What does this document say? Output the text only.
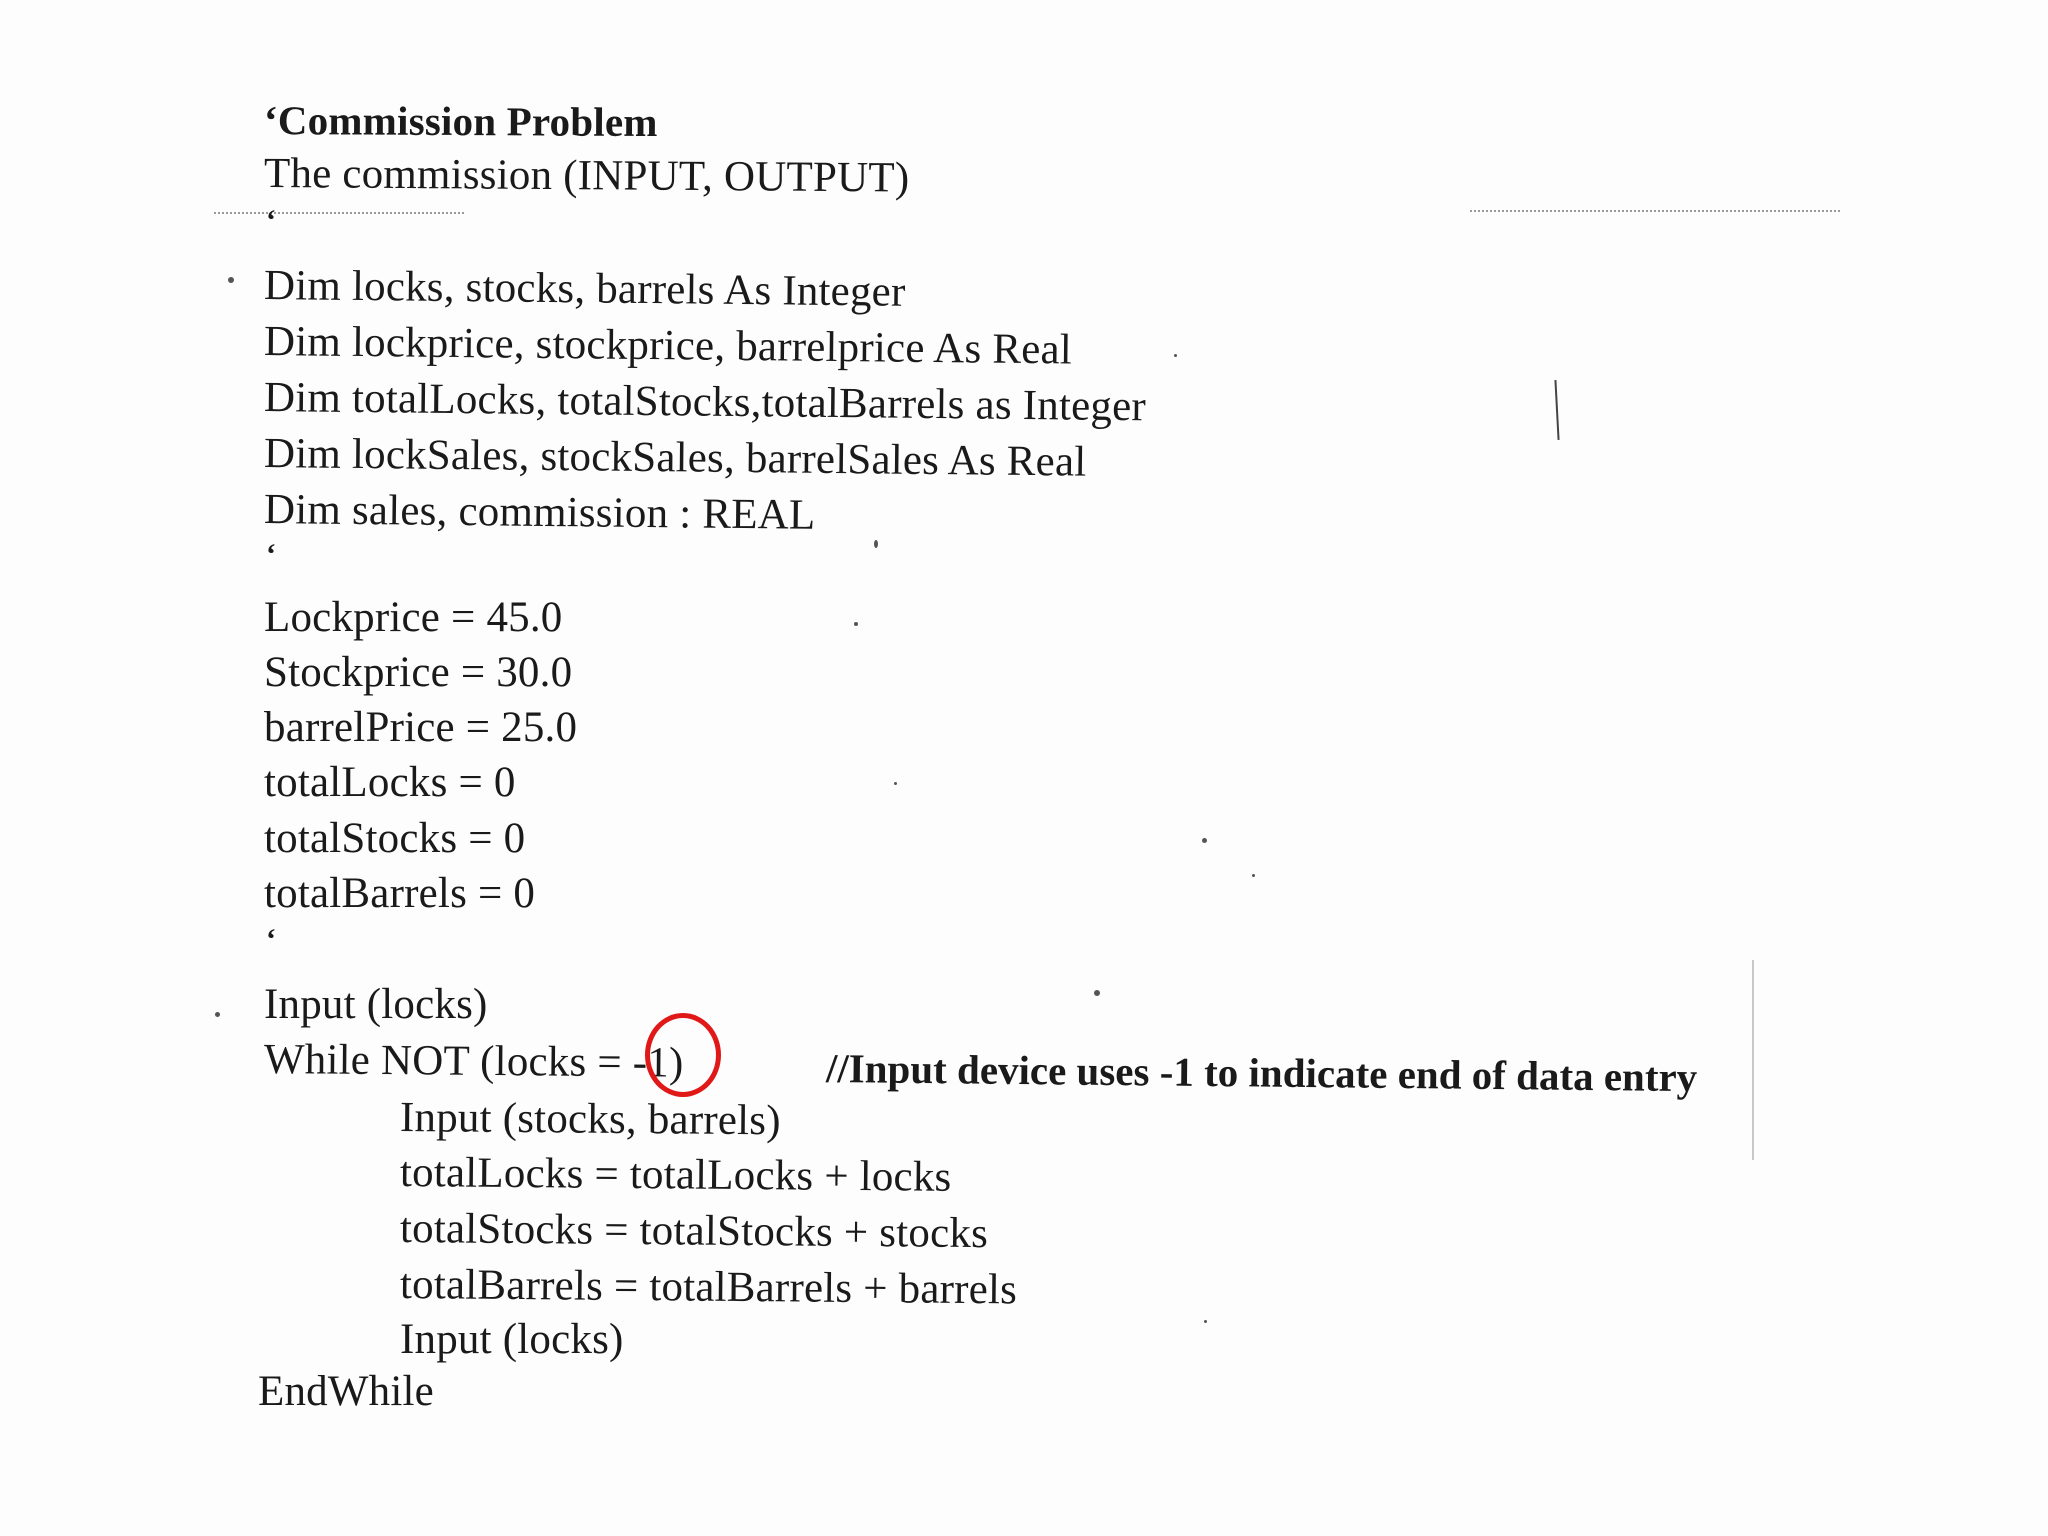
‘Commission Problem
The commission (INPUT, OUTPUT)
‘
Dim locks, stocks, barrels As Integer
Dim lockprice, stockprice, barrelprice As Real
Dim totalLocks, totalStocks,totalBarrels as Integer
Dim lockSales, stockSales, barrelSales As Real
Dim sales, commission : REAL
‘
Lockprice = 45.0
Stockprice = 30.0
barrelPrice = 25.0
totalLocks = 0
totalStocks = 0
totalBarrels = 0
‘
Input (locks)
While NOT (locks = -1)	//Input device uses -1 to indicate end of data entry
Input (stocks, barrels)
totalLocks = totalLocks + locks
totalStocks = totalStocks + stocks
totalBarrels = totalBarrels + barrels
Input (locks)
EndWhile
